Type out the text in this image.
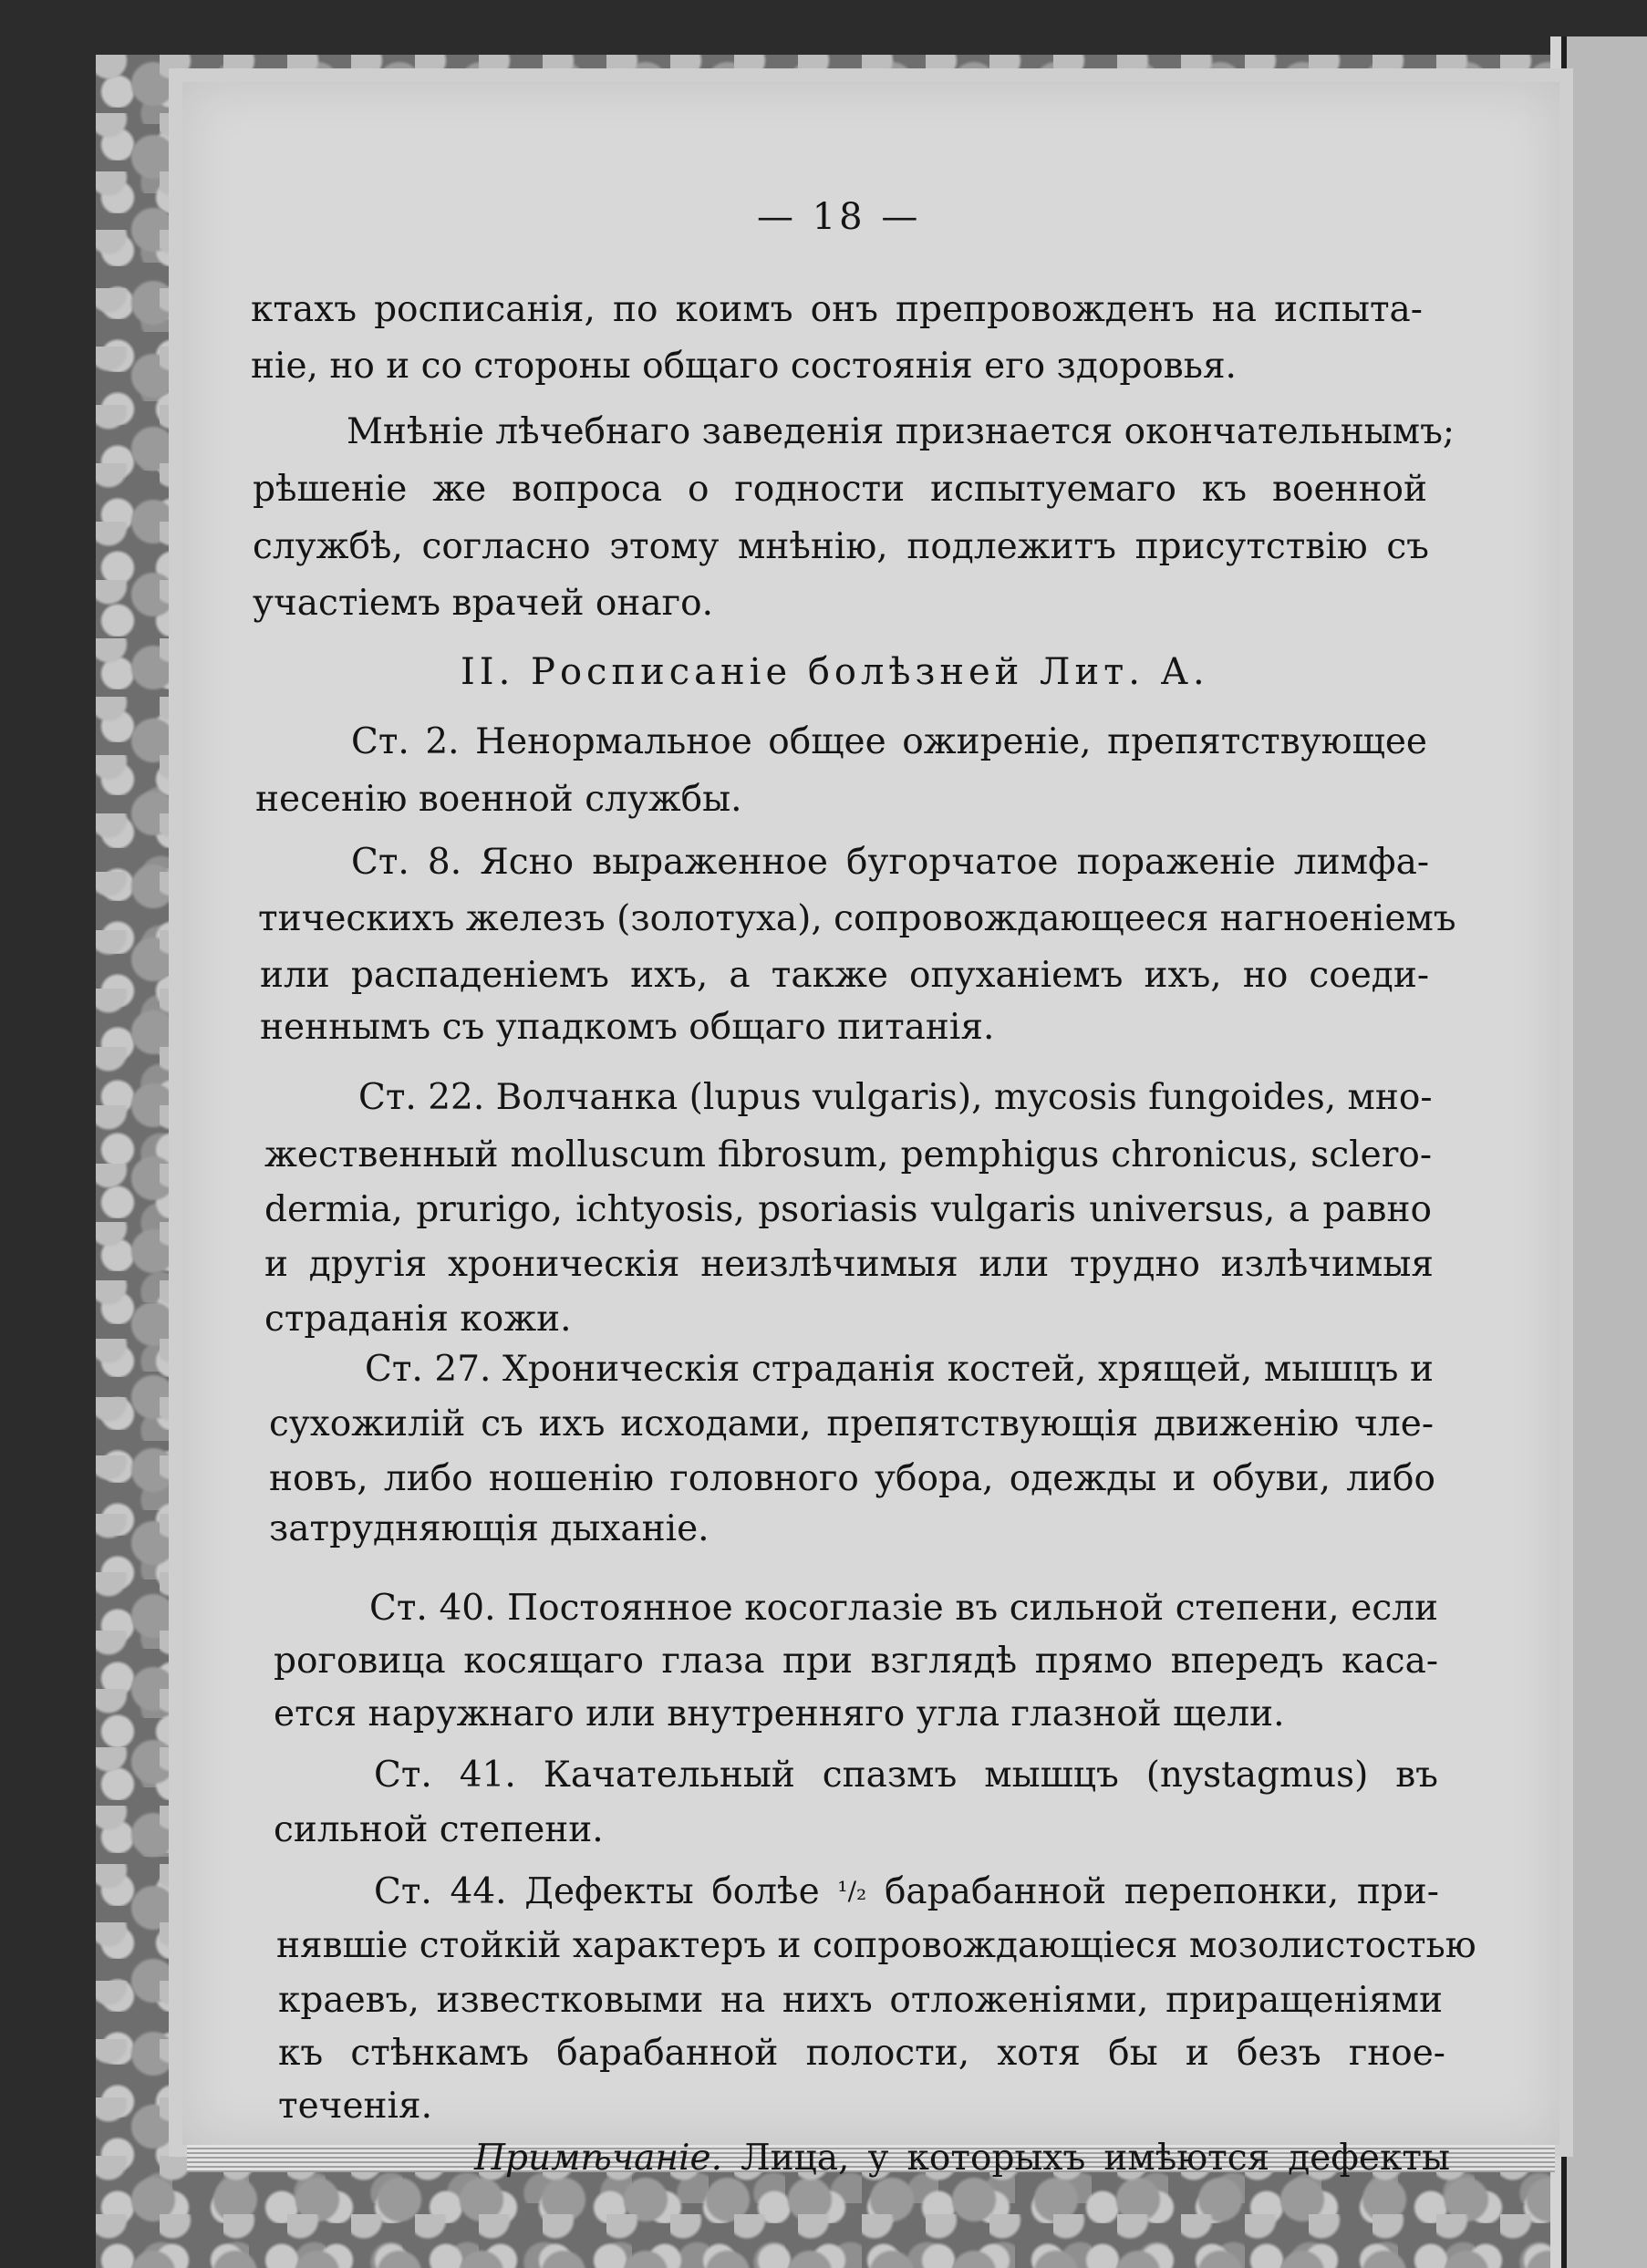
— 18 —
ктахъ росписанія, по коимъ онъ препровожденъ на испыта-
ніе, но и со стороны общаго состоянія его здоровья.
Мнѣніе лѣчебнаго заведенія признается окончательнымъ;
рѣшеніе же вопроса о годности испытуемаго къ военной
службѣ, согласно этому мнѣнію, подлежитъ присутствію съ
участіемъ врачей онаго.
II. Росписаніе болѣзней Лит. А.
Ст. 2. Ненормальное общее ожиреніе, препятствующее
несенію военной службы.
Ст. 8. Ясно выраженное бугорчатое пораженіе лимфа-
тическихъ железъ (золотуха), сопровождающееся нагноеніемъ
или распаденіемъ ихъ, а также опуханіемъ ихъ, но соеди-
неннымъ съ упадкомъ общаго питанія.
Ст. 22. Волчанка (lupus vulgaris), mycosis fungoides, мно-
жественный molluscum fibrosum, pemphigus chronicus, sclero-
dermia, prurigo, ichtyosis, psoriasis vulgaris universus, а равно
и другія хроническія неизлѣчимыя или трудно излѣчимыя
страданія кожи.
Ст. 27. Хроническія страданія костей, хрящей, мышцъ и
сухожилій съ ихъ исходами, препятствующія движенію чле-
новъ, либо ношенію головного убора, одежды и обуви, либо
затрудняющія дыханіе.
Ст. 40. Постоянное косоглазіе въ сильной степени, если
роговица косящаго глаза при взглядѣ прямо впередъ каса-
ется наружнаго или внутренняго угла глазной щели.
Ст. 41. Качательный спазмъ мышцъ (nystagmus) въ
сильной степени.
Ст. 44. Дефекты болѣе ¹/₂ барабанной перепонки, при-
нявшіе стойкій характеръ и сопровождающіеся мозолистостью
краевъ, известковыми на нихъ отложеніями, приращеніями
къ стѣнкамъ барабанной полости, хотя бы и безъ гное-
теченія.
Примѣчаніе. Лица, у которыхъ имѣются дефекты
